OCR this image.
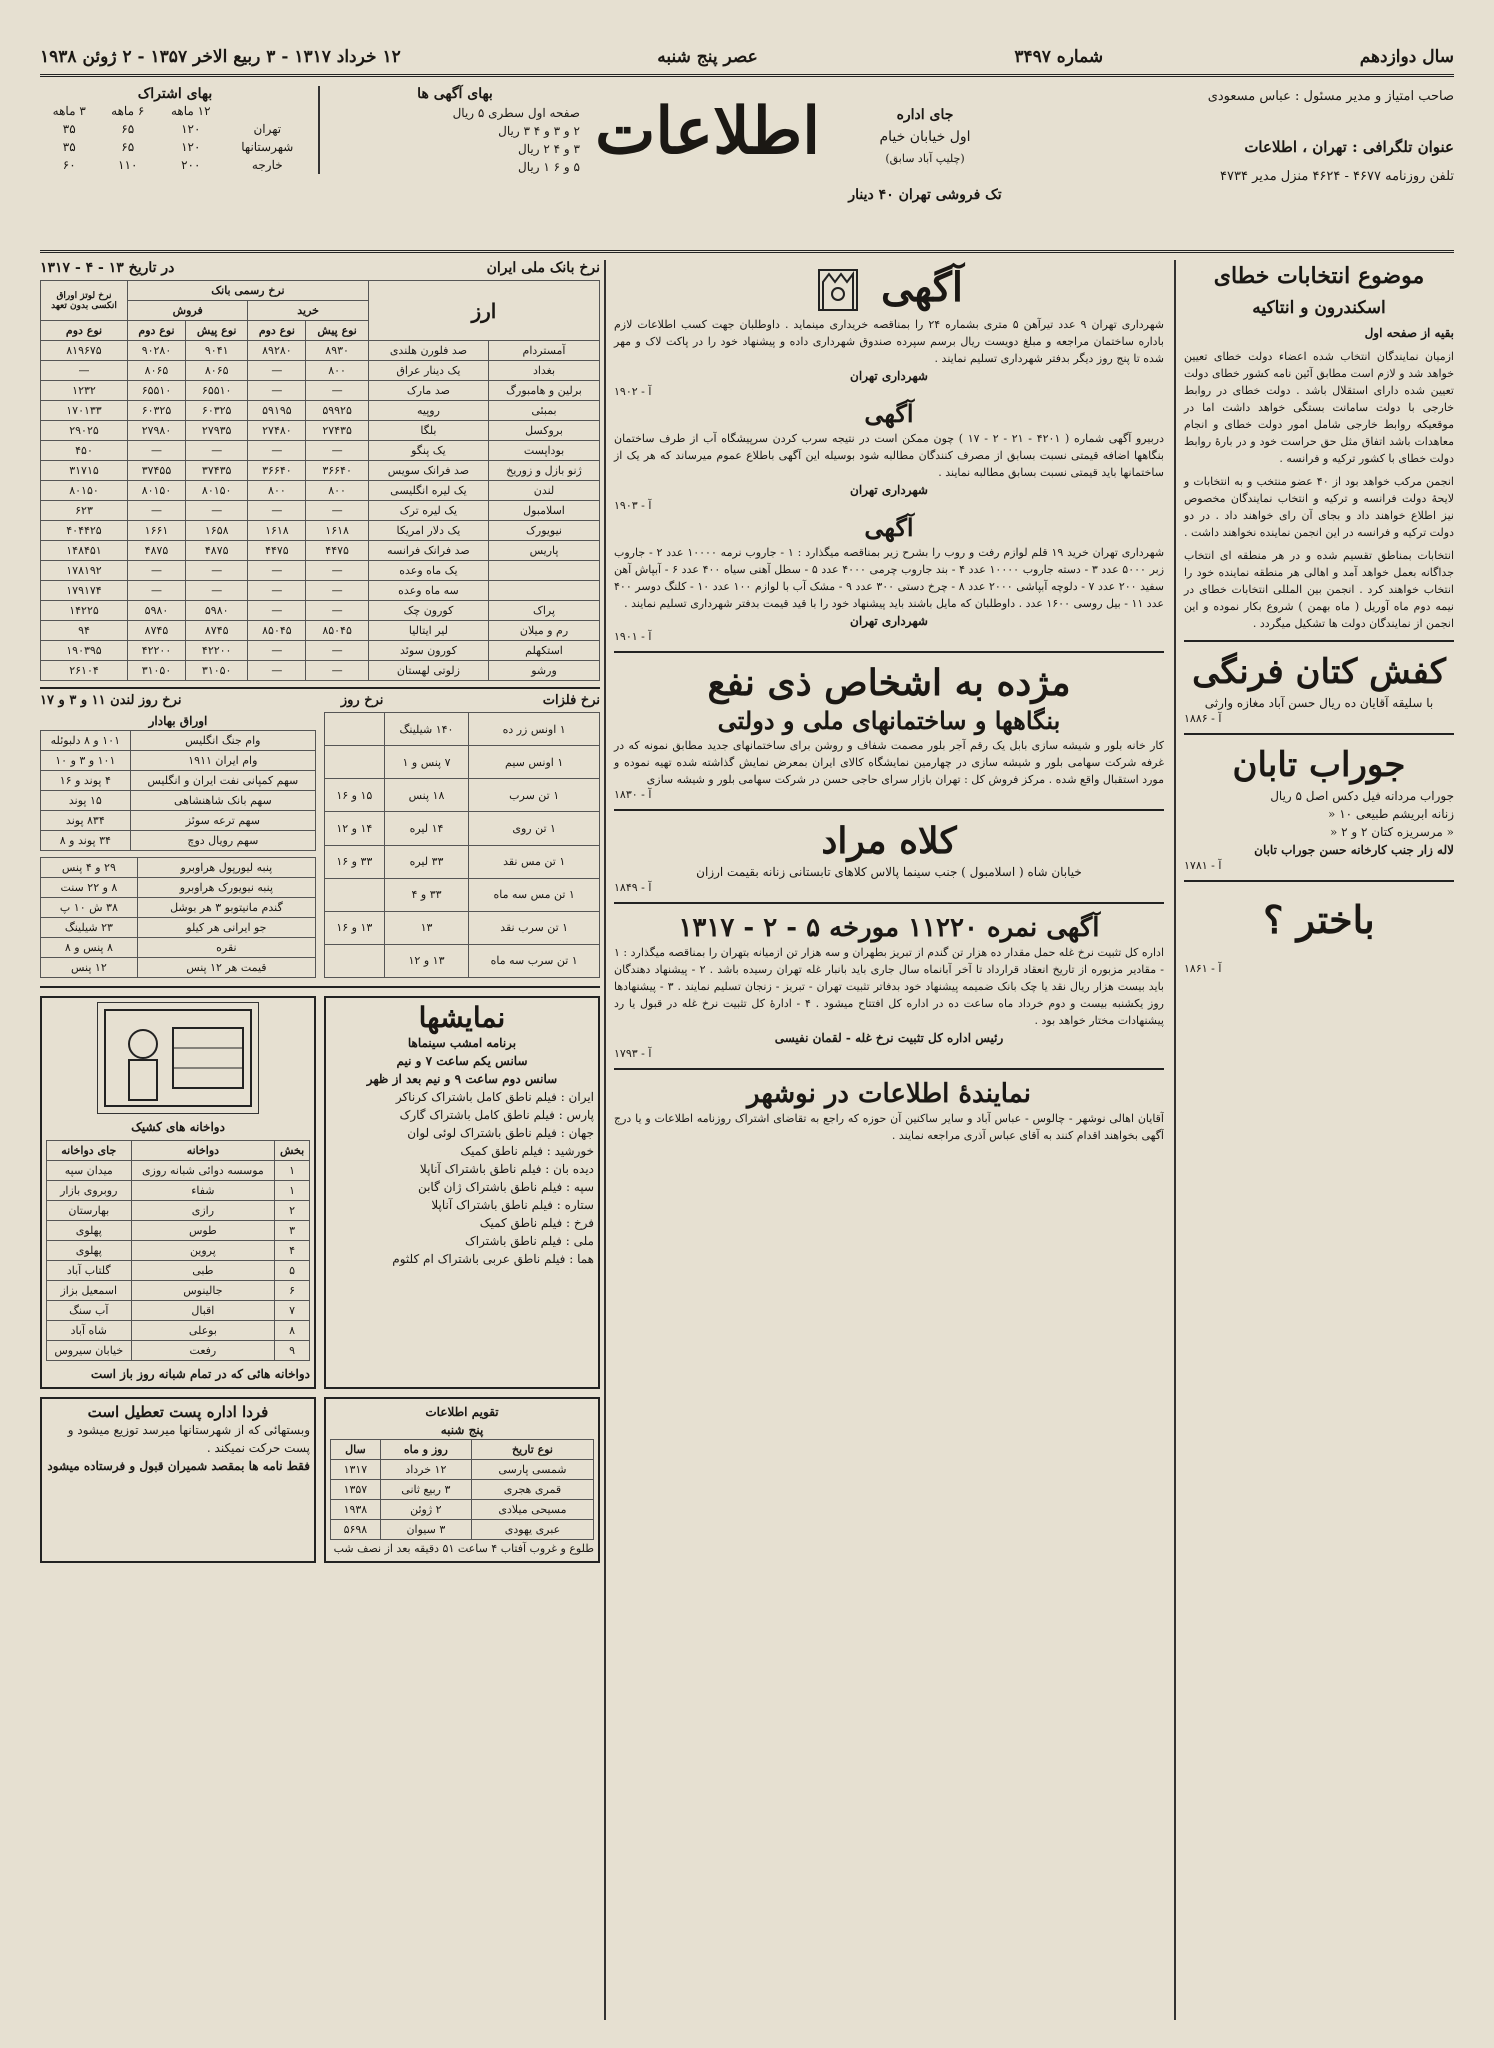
سال دوازدهم
شماره ۳۴۹۷
عصر پنج شنبه
۱۲ خرداد ۱۳۱۷ - ۳ ربیع الاخر ۱۳۵۷ - ۲ ژوئن ۱۹۳۸
صاحب امتیاز و مدیر مسئول : عباس مسعودی
عنوان تلگرافی : تهران ، اطلاعات
تلفن روزنامه ۴۶۷۷ - ۴۶۲۴ منزل مدیر ۴۷۳۴
جای اداره
اول خیابان خیام
(چلیپ آباد سابق)
تک فروشی تهران ۴۰ دینار
اطلاعات
بهای آگهی ها
صفحه اول سطری ۵ ریال
۲ و ۳ و ۴ ۳ ریال
۳ و ۴ ۲ ریال
۵ و ۶ ۱ ریال
بهای اشتراک
	۱۲ ماهه	۶ ماهه	۳ ماهه
تهران	۱۲۰	۶۵	۳۵
شهرستانها	۱۲۰	۶۵	۳۵
خارجه	۲۰۰	۱۱۰	۶۰
موضوع انتخابات خطای
اسکندرون و انتاکیه
بقیه از صفحه اول
ازمیان نمایندگان انتخاب شده اعضاء دولت خطای تعیین خواهد شد و لازم است مطابق آئین نامه کشور خطای دولت تعیین شده دارای استقلال باشد . دولت خطای در روابط خارجی با دولت سامانت بستگی خواهد داشت اما در موقعیکه روابط خارجی شامل امور دولت خطای و انجام معاهدات باشد اتفاق مثل حق حراست خود و در بارۀ روابط دولت خطای با کشور ترکیه و فرانسه .
انجمن مرکب خواهد بود از ۴۰ عضو منتخب و به انتخابات و لایحۀ دولت فرانسه و ترکیه و انتخاب نمایندگان مخصوص نیز اطلاع خواهند داد و بجای آن رای خواهند داد . در دو دولت ترکیه و فرانسه در این انجمن نماینده نخواهند داشت .
انتخابات بمناطق تقسیم شده و در هر منطقه ای انتخاب جداگانه بعمل خواهد آمد و اهالی هر منطقه نماینده خود را انتخاب خواهند کرد . انجمن بین المللی انتخابات خطای در نیمه دوم ماه آوریل ( ماه بهمن ) شروع بکار نموده و این انجمن از نمایندگان دولت ها تشکیل میگردد .
کفش کتان فرنگی
با سلیقه آقایان ده ریال حسن آباد مغازه وارثی
آ - ۱۸۸۶
جوراب تابان
جوراب مردانه فیل دکس اصل ۵ ریال
زنانه ابریشم طبیعی ۱۰ «
« مرسریزه کتان ۲ و ۲ «
لاله زار جنب کارخانه حسن جوراب تابان
آ - ۱۷۸۱
باختر ؟
آ - ۱۸۶۱
آگهی
شهرداری تهران ۹ عدد تیرآهن ۵ متری بشماره ۲۴ را بمناقصه خریداری مینماید . داوطلبان جهت کسب اطلاعات لازم باداره ساختمان مراجعه و مبلغ دویست ریال برسم سپرده صندوق شهرداری داده و پیشنهاد خود را در پاکت لاک و مهر شده تا پنج روز دیگر بدفتر شهرداری تسلیم نمایند .
شهرداری تهران
آ - ۱۹۰۲
آگهی
دربیرو آگهی شماره ( ۴۲۰۱ - ۲۱ - ۲ - ۱۷ ) چون ممکن است در نتیجه سرب کردن سرپیشگاه آب از طرف ساختمان بنگاهها اضافه قیمتی نسبت بسابق از مصرف کنندگان مطالبه شود بوسیله این آگهی باطلاع عموم میرساند که هر یک از ساختمانها باید قیمتی نسبت بسابق مطالبه نمایند .
شهرداری تهران
آ - ۱۹۰۳
آگهی
شهرداری تهران خرید ۱۹ قلم لوازم رفت و روب را بشرح زیر بمناقصه میگذارد : ۱ - جاروب نرمه ۱۰۰۰۰ عدد ۲ - جاروب زبر ۵۰۰۰ عدد ۳ - دسته جاروب ۱۰۰۰۰ عدد ۴ - بند جاروب چرمی ۴۰۰۰ عدد ۵ - سطل آهنی سیاه ۴۰۰ عدد ۶ - آبپاش آهن سفید ۲۰۰ عدد ۷ - دلوچه آبپاشی ۲۰۰۰ عدد ۸ - چرخ دستی ۳۰۰ عدد ۹ - مشک آب با لوازم ۱۰۰ عدد ۱۰ - کلنگ دوسر ۴۰۰ عدد ۱۱ - بیل روسی ۱۶۰۰ عدد . داوطلبان که مایل باشند باید پیشنهاد خود را با قید قیمت بدفتر شهرداری تسلیم نمایند .
شهرداری تهران
آ - ۱۹۰۱
مژده به اشخاص ذی نفع
بنگاهها و ساختمانهای ملی و دولتی
کار خانه بلور و شیشه سازی بابل یک رقم آجر بلور مصمت شفاف و روشن برای ساختمانهای جدید مطابق نمونه که در غرفه شرکت سهامی بلور و شیشه سازی در چهارمین نمایشگاه کالای ایران بمعرض نمایش گذاشته شده تهیه نموده و مورد استقبال واقع شده . مرکز فروش کل : تهران بازار سرای حاجی حسن در شرکت سهامی بلور و شیشه سازی
آ - ۱۸۳۰
کلاه مراد
خیابان شاه ( اسلامبول ) جنب سینما پالاس کلاهای تابستانی زنانه بقیمت ارزان
آ - ۱۸۴۹
آگهی نمره ۱۱۲۲۰ مورخه ۵ - ۲ - ۱۳۱۷
اداره کل تثبیت نرخ غله حمل مقدار ده هزار تن گندم از تبریز بطهران و سه هزار تن ازمیانه بتهران را بمناقصه میگذارد : ۱ - مقادیر مزبوره از تاریخ انعقاد قرارداد تا آخر آبانماه سال جاری باید بانبار غله تهران رسیده باشد . ۲ - پیشنهاد دهندگان باید بیست هزار ریال نقد یا چک بانک ضمیمه پیشنهاد خود بدفاتر تثبیت تهران - تبریز - زنجان تسلیم نمایند . ۳ - پیشنهادها روز یکشنبه بیست و دوم خرداد ماه ساعت ده در اداره کل افتتاح میشود . ۴ - ادارۀ کل تثبیت نرخ غله در قبول یا رد پیشنهادات مختار خواهد بود .
رئیس اداره کل تثبیت نرخ غله - لقمان نفیسی
آ - ۱۷۹۳
نمایندهٔ اطلاعات در نوشهر
آقایان اهالی نوشهر - چالوس - عباس آباد و سایر ساکنین آن حوزه که راجع به تقاضای اشتراک روزنامه اطلاعات و یا درج آگهی بخواهند اقدام کنند به آقای عباس آذری مراجعه نمایند .
نرخ بانک ملی ایران
در تاریخ ۱۳ - ۴ - ۱۳۱۷
ارز		نرخ رسمی بانک				نرخ لوتز اوراق انکسی بدون تعهد
		خرید		فروش		
		نوع پیش	نوع دوم	نوع پیش	نوع دوم	نوع دوم
آمستردام	صد فلورن هلندی	۸۹۳۰	۸۹۲۸۰	۹۰۴۱	۹۰۲۸۰	۸۱۹۶۷۵
بغداد	یک دینار عراق	۸۰۰	—	۸۰۶۵	۸۰۶۵	—
برلین و هامبورگ	صد مارک	—	—	۶۵۵۱۰	۶۵۵۱۰	۱۲۳۲
بمبئی	روپیه	۵۹۹۲۵	۵۹۱۹۵	۶۰۳۲۵	۶۰۳۲۵	۱۷۰۱۳۳
بروکسل	بلگا	۲۷۴۳۵	۲۷۴۸۰	۲۷۹۳۵	۲۷۹۸۰	۲۹۰۲۵
بوداپست	یک پنگو	—	—	—	—	۴۵۰
ژنو بازل و زوریخ	صد فرانک سویس	۳۶۶۴۰	۳۶۶۴۰	۳۷۴۳۵	۳۷۴۵۵	۳۱۷۱۵
لندن	یک لیره انگلیسی	۸۰۰	۸۰۰	۸۰۱۵۰	۸۰۱۵۰	۸۰۱۵۰
اسلامبول	یک لیره ترک	—	—	—	—	۶۲۳
نیویورک	یک دلار امریکا	۱۶۱۸	۱۶۱۸	۱۶۵۸	۱۶۶۱	۴۰۴۴۲۵
پاریس	صد فرانک فرانسه	۴۴۷۵	۴۴۷۵	۴۸۷۵	۴۸۷۵	۱۴۸۴۵۱
	یک ماه وعده	—	—	—	—	۱۷۸۱۹۲
	سه ماه وعده	—	—	—	—	۱۷۹۱۷۴
پراک	کورون چک	—	—	۵۹۸۰	۵۹۸۰	۱۴۲۲۵
رم و میلان	لیر ایتالیا	۸۵۰۴۵	۸۵۰۴۵	۸۷۴۵	۸۷۴۵	۹۴
استکهلم	کورون سوئد	—	—	۴۲۲۰۰	۴۲۲۰۰	۱۹۰۳۹۵
ورشو	زلوتی لهستان	—	—	۳۱۰۵۰	۳۱۰۵۰	۲۶۱۰۴
نرخ فلزات
نرخ روز
نرخ روز لندن ۱۱ و ۳ و ۱۷
۱ اونس زر ده	۱۴۰ شیلینگ	
۱ اونس سیم	۷ پنس و ۱	
۱ تن سرب	۱۸ پنس	۱۵ و ۱۶
۱ تن روی	۱۴ لیره	۱۴ و ۱۲
۱ تن مس نقد	۳۳ لیره	۳۳ و ۱۶
۱ تن مس سه ماه	۳۳ و ۴	
۱ تن سرب نقد	۱۳	۱۳ و ۱۶
۱ تن سرب سه ماه	۱۳ و ۱۲	
اوراق بهادار
وام جنگ انگلیس	۱۰۱ و ۸ دلبوئله
وام ایران ۱۹۱۱	۱۰۱ و ۳ و ۱۰
سهم کمپانی نفت ایران و انگلیس	۴ پوند و ۱۶
سهم بانک شاهنشاهی	۱۵ پوند
سهم ترعه سوئز	۸۳۴ پوند
سهم رویال دوچ	۳۴ پوند و ۸
پنبه لیورپول هراوبرو	۲۹ و ۴ پنس
پنبه نیویورک هراوبرو	۸ و ۲۲ سنت
گندم مانیتوبو ۳ هر بوشل	۳۸ ش ۱۰ پ
جو ایرانی هر کیلو	۲۳ شیلینگ
نقره	۸ پنس و ۸
قیمت هر ۱۲ پنس	۱۲ پنس
نمایشها
برنامه امشب سینماها
سانس یکم ساعت ۷ و نیم
سانس دوم ساعت ۹ و نیم بعد از ظهر
ایران : فیلم ناطق کامل باشتراک کرناکر
پارس : فیلم ناطق کامل باشتراک گارک
جهان : فیلم ناطق باشتراک لوئی لوان
خورشید : فیلم ناطق کمیک
دیده بان : فیلم ناطق باشتراک آناپلا
سپه : فیلم ناطق باشتراک ژان گابن
ستاره : فیلم ناطق باشتراک آناپلا
فرخ : فیلم ناطق کمیک
ملی : فیلم ناطق باشتراک
هما : فیلم ناطق عربی باشتراک ام کلثوم
دواخانه های کشیک
بخش	دواخانه	جای دواخانه
۱	موسسه دوائی شبانه روزی	میدان سپه
۱	شفاء	روبروی بازار
۲	رازی	بهارستان
۳	طوس	پهلوی
۴	پروین	پهلوی
۵	طبی	گلتاب آباد
۶	جالینوس	اسمعیل بزاز
۷	اقبال	آب سنگ
۸	بوعلی	شاه آباد
۹	رفعت	خیابان سیروس
دواخانه هائی که در تمام شبانه روز باز است
تقویم اطلاعات
پنج شنبه
نوع تاریخ	روز و ماه	سال
شمسی پارسی	۱۲ خرداد	۱۳۱۷
قمری هجری	۳ ربیع ثانی	۱۳۵۷
مسیحی میلادی	۲ ژوئن	۱۹۳۸
عبری یهودی	۳ سیوان	۵۶۹۸
طلوع و غروب آفتاب ۴ ساعت ۵۱ دقیقه بعد از نصف شب
فردا اداره پست تعطیل است
وبستهائی که از شهرستانها میرسد توزیع میشود و پست حرکت نمیکند .
فقط نامه ها بمقصد شمیران قبول و فرستاده میشود
